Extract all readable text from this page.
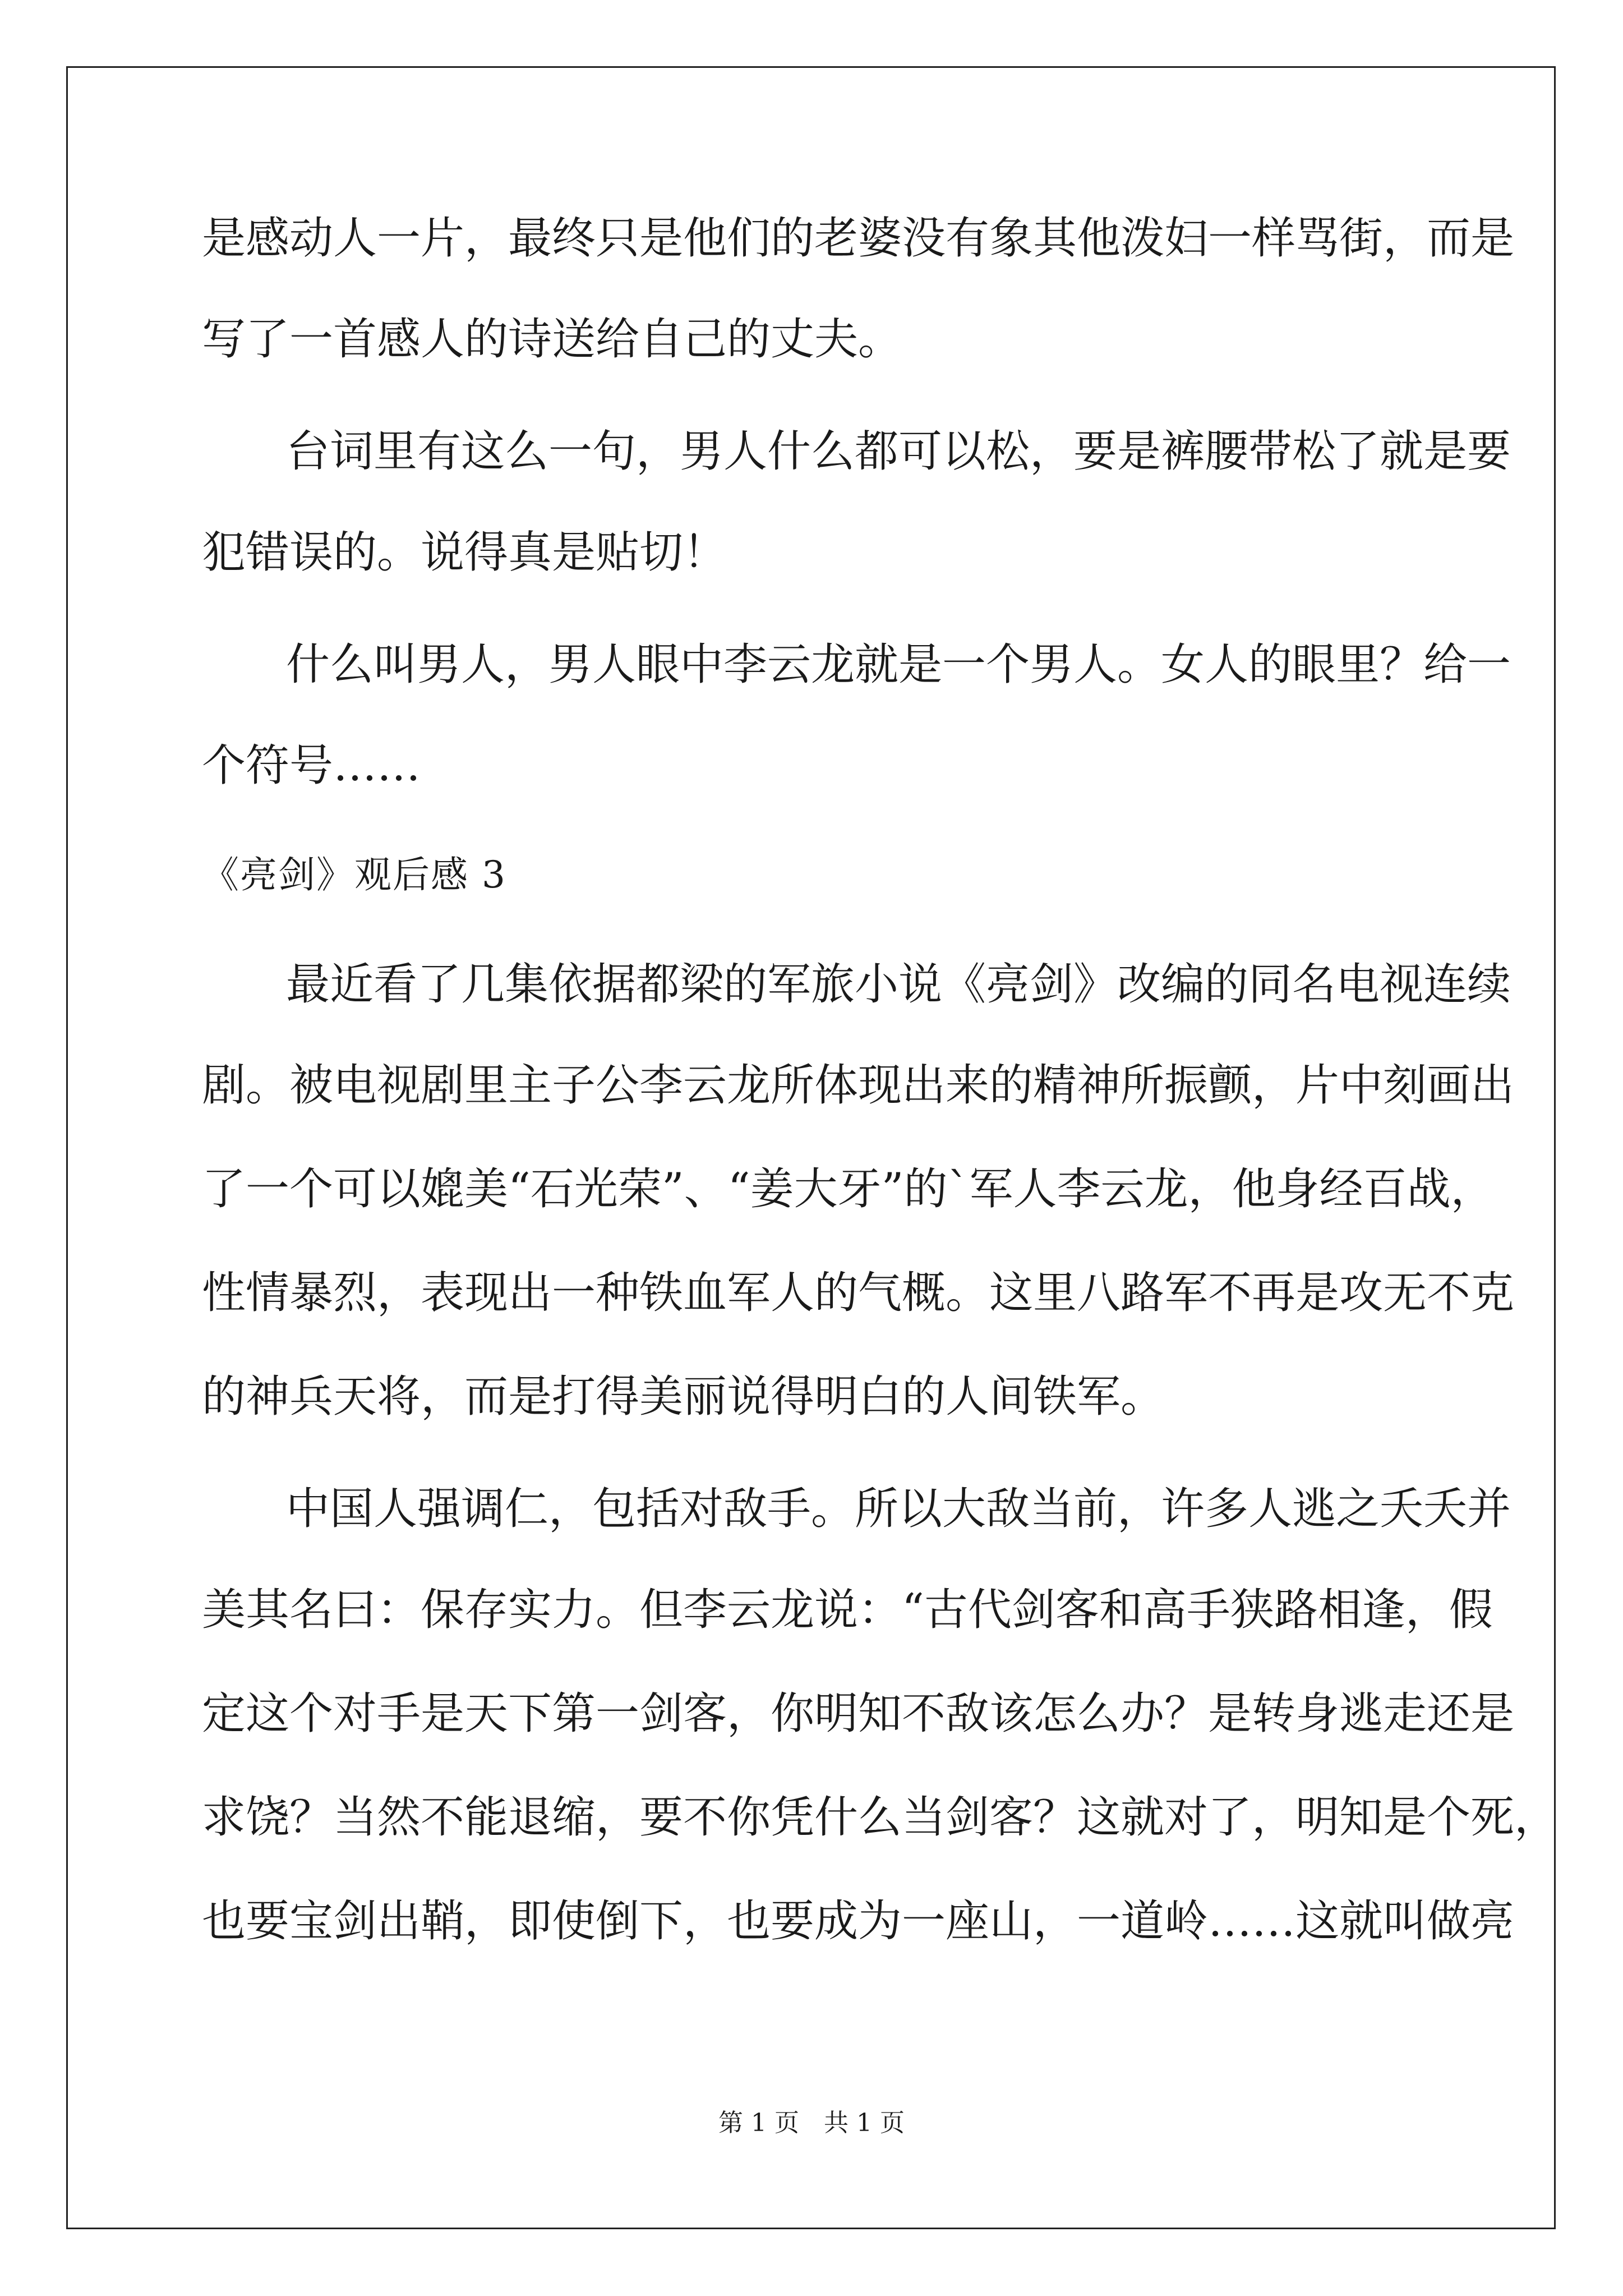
是感动人一片，最终只是他们的老婆没有象其他泼妇一样骂街，而是
写了一首感人的诗送给自己的丈夫。
台词里有这么一句，男人什么都可以松，要是裤腰带松了就是要
犯错误的。说得真是贴切！
什么叫男人，男人眼中李云龙就是一个男人。女人的眼里？给一
个符号……
《亮剑》观后感 3
最近看了几集依据都梁的军旅小说《亮剑》改编的同名电视连续
剧。被电视剧里主子公李云龙所体现出来的精神所振颤，片中刻画出
了一个可以媲美“石光荣”、“姜大牙”的`军人李云龙，他身经百战，
性情暴烈，表现出一种铁血军人的气概。这里八路军不再是攻无不克
的神兵天将，而是打得美丽说得明白的人间铁军。
中国人强调仁，包括对敌手。所以大敌当前，许多人逃之夭夭并
美其名曰：保存实力。但李云龙说：“古代剑客和高手狭路相逢，假
定这个对手是天下第一剑客，你明知不敌该怎么办？是转身逃走还是
求饶？当然不能退缩，要不你凭什么当剑客？这就对了，明知是个死，
也要宝剑出鞘，即使倒下，也要成为一座山，一道岭……这就叫做亮
第 1 页　共 1 页
